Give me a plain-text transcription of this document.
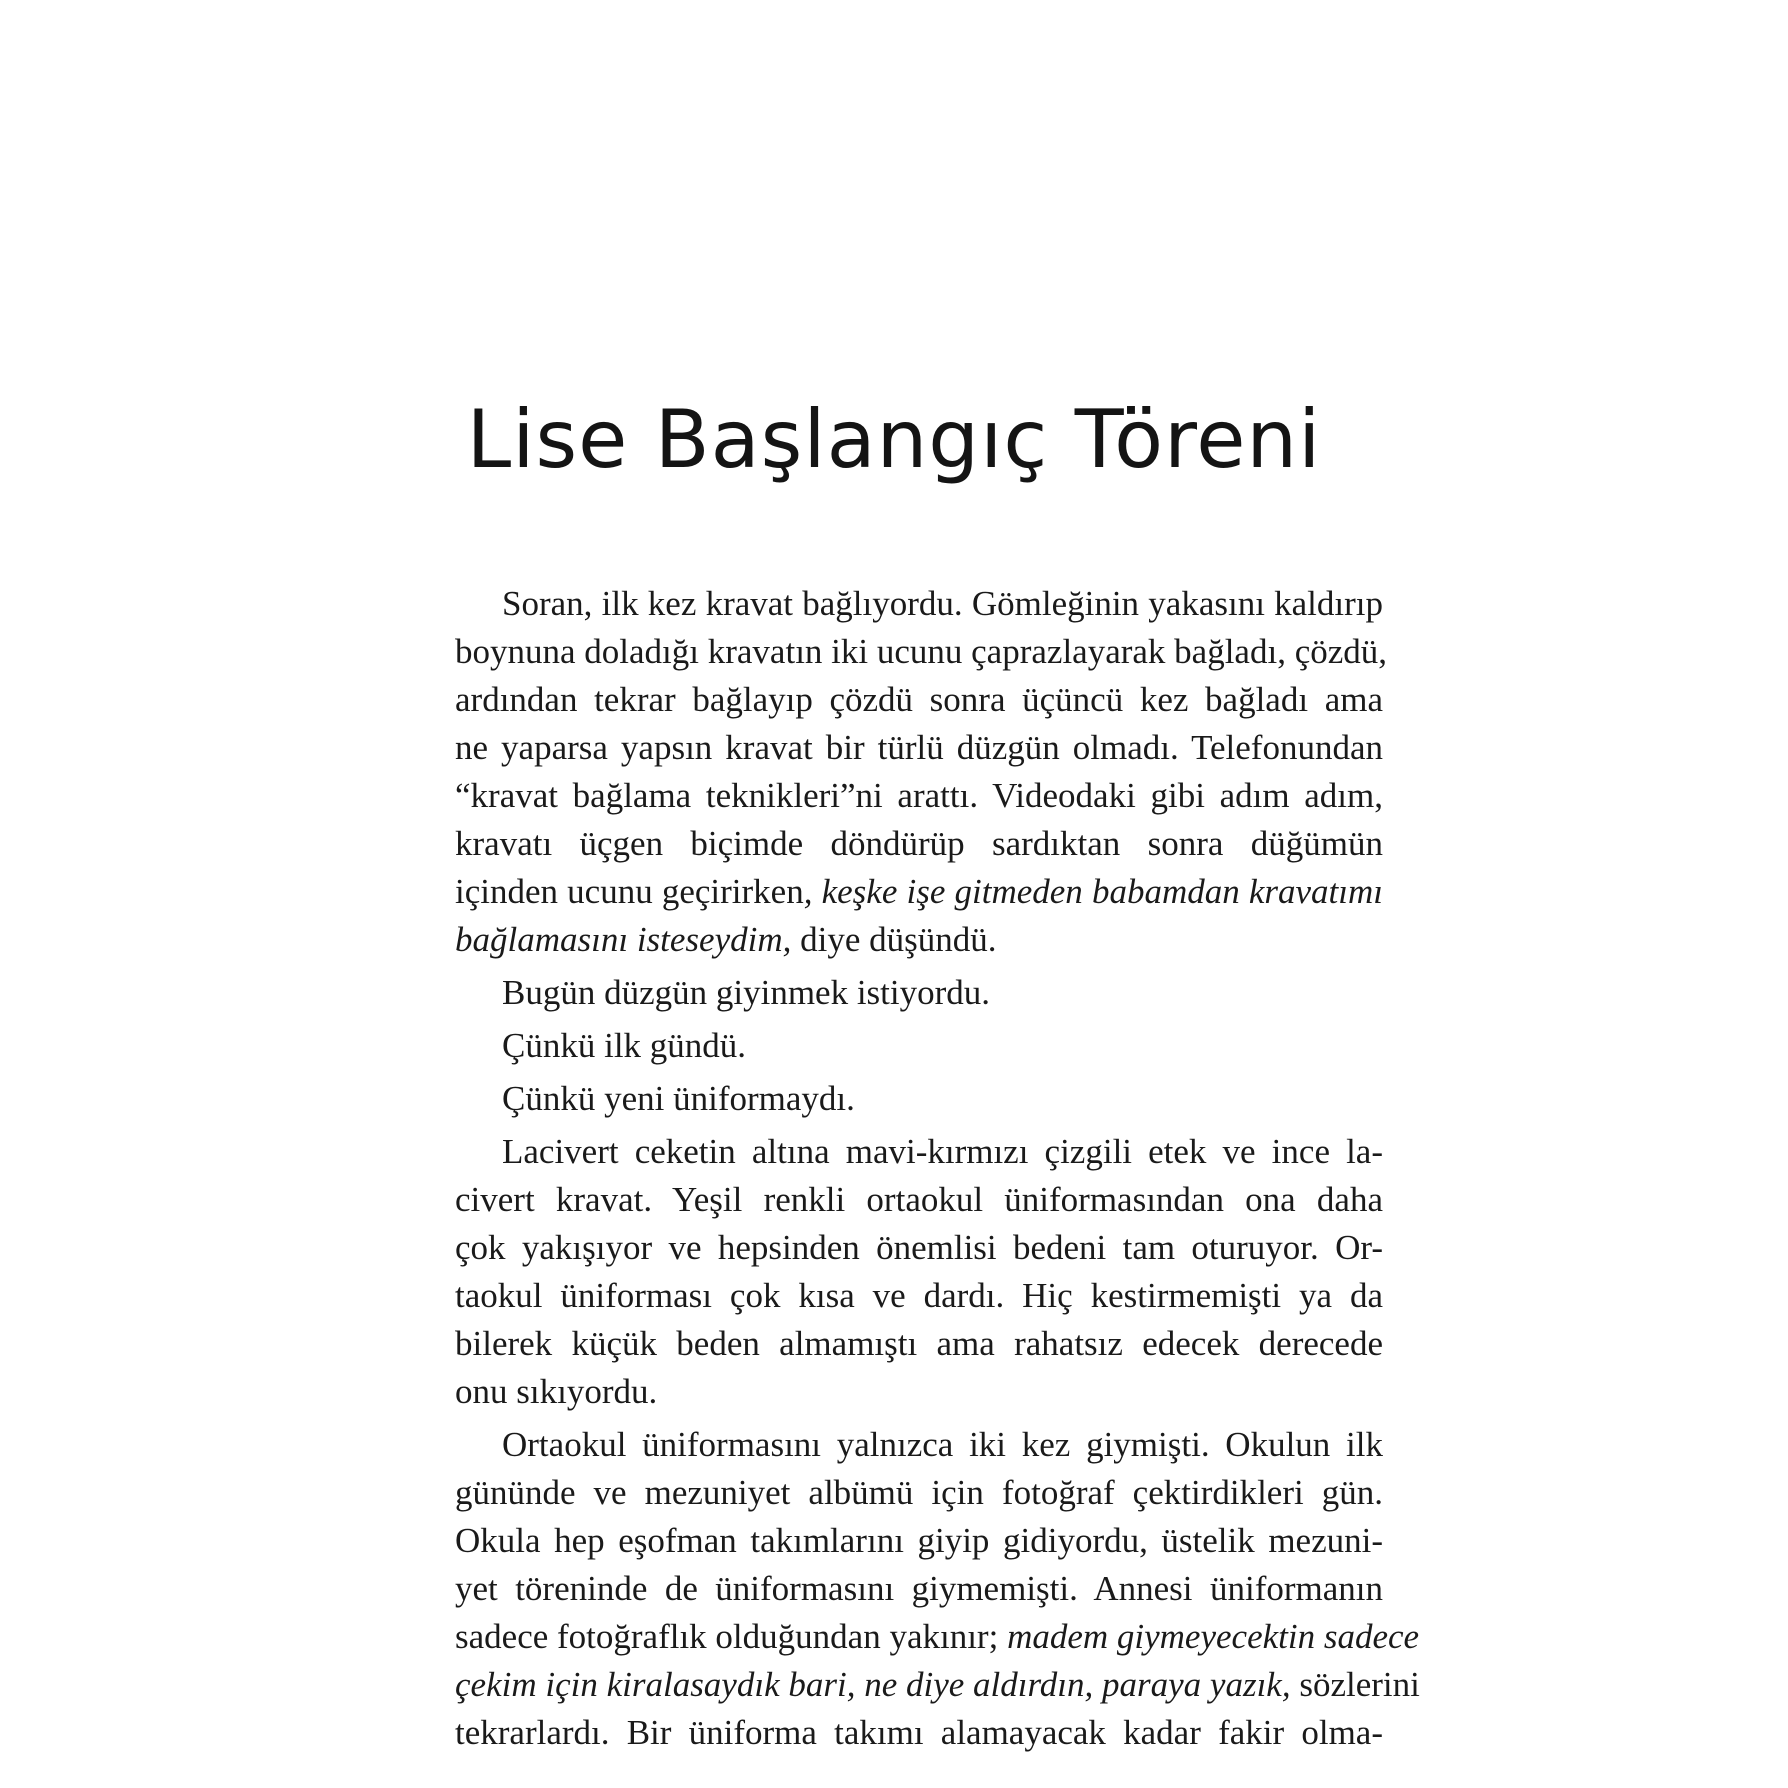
Lise Başlangıç Töreni
Soran, ilk kez kravat bağlıyordu. Gömleğinin yakasını kaldırıp
boynuna doladığı kravatın iki ucunu çaprazlayarak bağladı, çözdü,
ardından tekrar bağlayıp çözdü sonra üçüncü kez bağladı ama
ne yaparsa yapsın kravat bir türlü düzgün olmadı. Telefonundan
“kravat bağlama teknikleri”ni arattı. Videodaki gibi adım adım,
kravatı üçgen biçimde döndürüp sardıktan sonra düğümün
içinden ucunu geçirirken, keşke işe gitmeden babamdan kravatımı
bağlamasını isteseydim, diye düşündü.
Bugün düzgün giyinmek istiyordu.
Çünkü ilk gündü.
Çünkü yeni üniformaydı.
Lacivert ceketin altına mavi-kırmızı çizgili etek ve ince la-
civert kravat. Yeşil renkli ortaokul üniformasından ona daha
çok yakışıyor ve hepsinden önemlisi bedeni tam oturuyor. Or-
taokul üniforması çok kısa ve dardı. Hiç kestirmemişti ya da
bilerek küçük beden almamıştı ama rahatsız edecek derecede
onu sıkıyordu.
Ortaokul üniformasını yalnızca iki kez giymişti. Okulun ilk
gününde ve mezuniyet albümü için fotoğraf çektirdikleri gün.
Okula hep eşofman takımlarını giyip gidiyordu, üstelik mezuni-
yet töreninde de üniformasını giymemişti. Annesi üniformanın
sadece fotoğraflık olduğundan yakınır; madem giymeyecektin sadece
çekim için kiralasaydık bari, ne diye aldırdın, paraya yazık, sözlerini
tekrarlardı. Bir üniforma takımı alamayacak kadar fakir olma-
